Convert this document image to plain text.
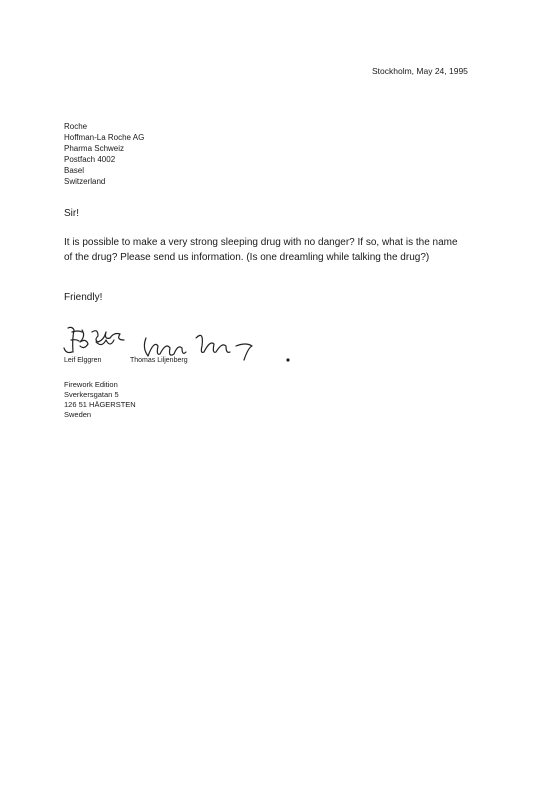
Stockholm, May 24, 1995
Roche
Hoffman-La Roche AG
Pharma Schweiz
Postfach 4002
Basel
Switzerland
Sir!
It is possible to make a very strong sleeping drug with no danger? If so, what is the name of the drug? Please send us information. (Is one dreamling while talking the drug?)
Friendly!
Leif Elggren	Thomas Liljenberg
Firework Edition
Sverkersgatan 5
126 51 HÄGERSTEN
Sweden
